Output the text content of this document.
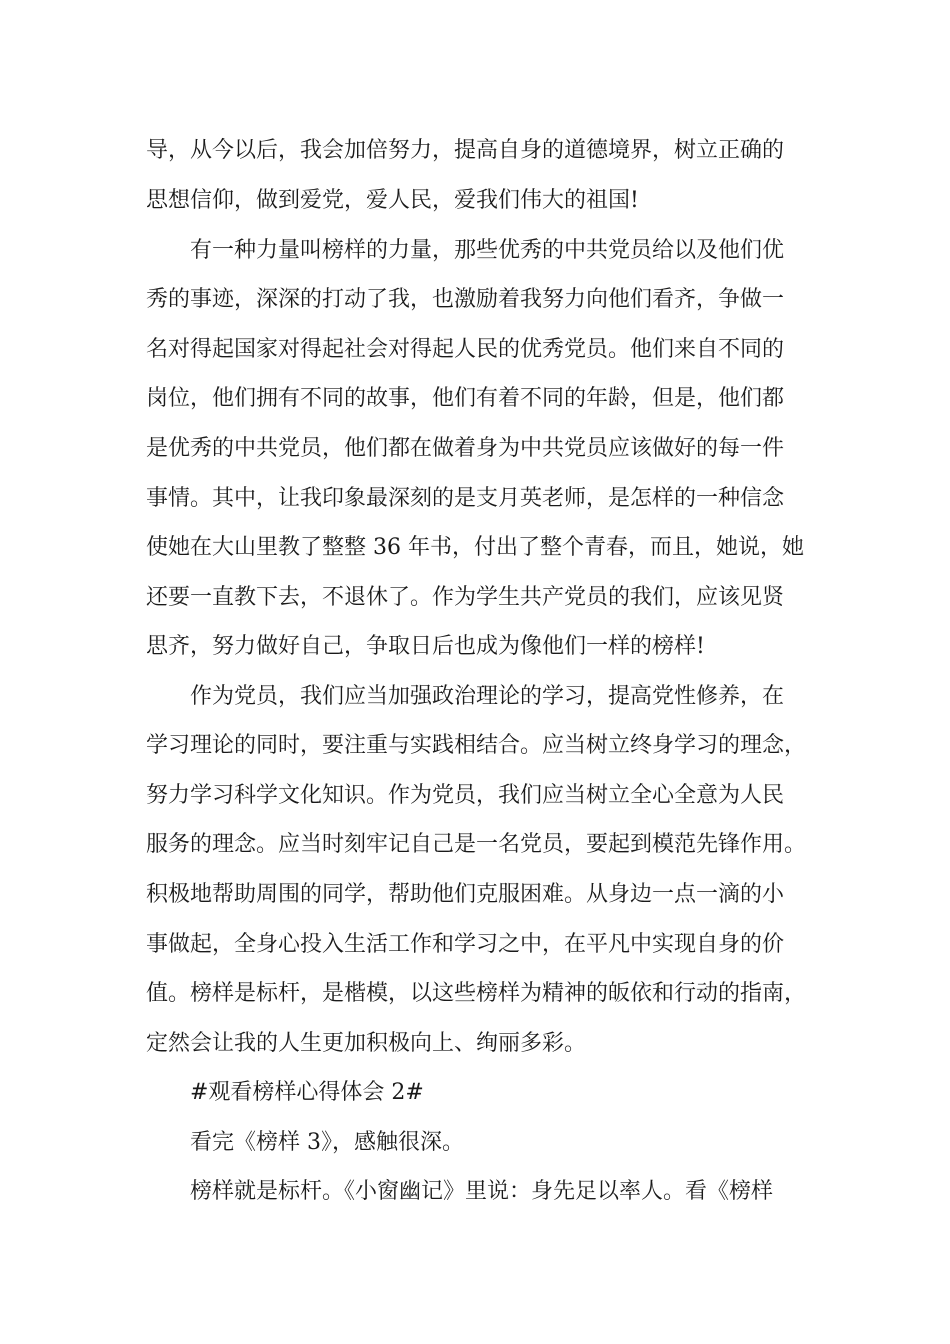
导，从今以后，我会加倍努力，提高自身的道德境界，树立正确的
思想信仰，做到爱党，爱人民，爱我们伟大的祖国!
有一种力量叫榜样的力量，那些优秀的中共党员给以及他们优
秀的事迹，深深的打动了我，也激励着我努力向他们看齐，争做一
名对得起国家对得起社会对得起人民的优秀党员。他们来自不同的
岗位，他们拥有不同的故事，他们有着不同的年龄，但是，他们都
是优秀的中共党员，他们都在做着身为中共党员应该做好的每一件
事情。其中，让我印象最深刻的是支月英老师，是怎样的一种信念
使她在大山里教了整整 36 年书，付出了整个青春，而且，她说，她
还要一直教下去，不退休了。作为学生共产党员的我们，应该见贤
思齐，努力做好自己，争取日后也成为像他们一样的榜样!
作为党员，我们应当加强政治理论的学习，提高党性修养，在
学习理论的同时，要注重与实践相结合。应当树立终身学习的理念，
努力学习科学文化知识。作为党员，我们应当树立全心全意为人民
服务的理念。应当时刻牢记自己是一名党员，要起到模范先锋作用。
积极地帮助周围的同学，帮助他们克服困难。从身边一点一滴的小
事做起，全身心投入生活工作和学习之中，在平凡中实现自身的价
值。榜样是标杆，是楷模，以这些榜样为精神的皈依和行动的指南，
定然会让我的人生更加积极向上、绚丽多彩。
#观看榜样心得体会 2#
看完《榜样 3》，感触很深。
榜样就是标杆。《小窗幽记》里说：身先足以率人。看《榜样
